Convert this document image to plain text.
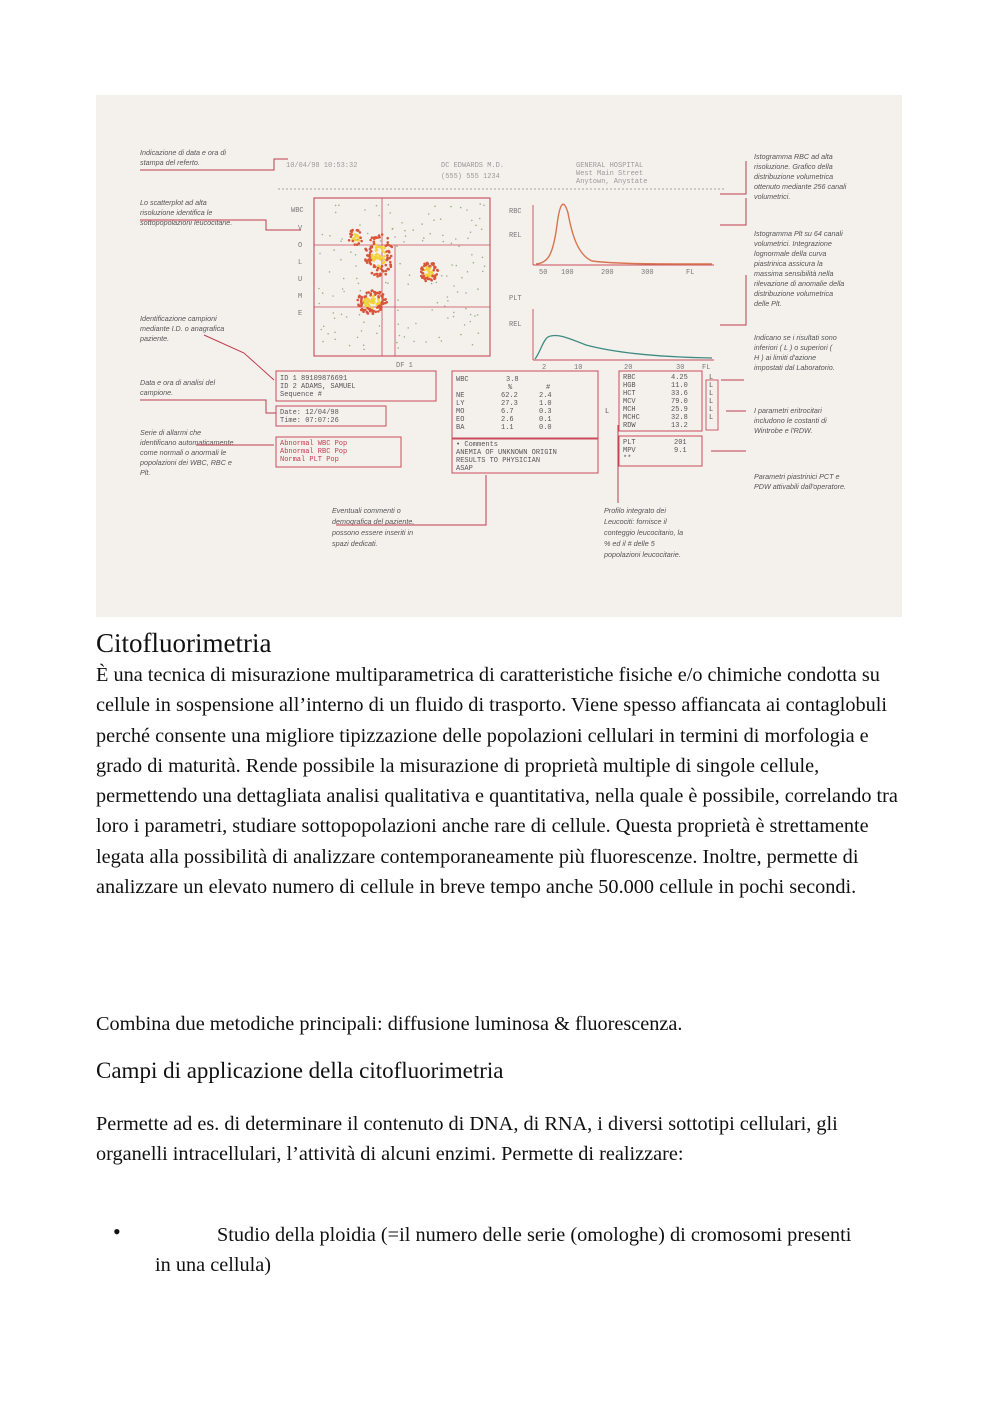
Indicazione di data e ora di stampa del referto.
Lo scatterplot ad alta risoluzione identifica le sottopopolazioni leucocitarie.
Identificazione campioni mediante I.D. o anagrafica paziente.
Data e ora di analisi del campione.
Serie di allarmi che identificano automaticamente come normali o anormali le popolazioni dei WBC, RBC e Plt.
Istogramma RBC ad alta risoluzione. Grafico della distribuzione volumetrica ottenuto mediante 256 canali volumetrici.
Istogramma Plt su 64 canali volumetrici. Integrazione lognormale della curva piastrinica assicura la massima sensibilità nella rilevazione di anomalie della distribuzione volumetrica delle Plt.
Indicano se i risultati sono inferiori ( L ) o superiori ( H ) ai limiti d'azione impostati dal Laboratorio.
I parametri eritrocitari includono le costanti di Wintrobe e l'RDW.
Parametri piastrinici PCT e PDW attivabili dall'operatore.
Eventuali commenti o demografica del paziente, possono essere inseriti in spazi dedicati.
Profilo integrato dei Leucociti: fornisce il conteggio leucocitario, la % ed il # delle 5 popolazioni leucocitarie.
10/04/98 10:53:32	DC EDWARDS M.D.
(555) 555 1234
GENERAL HOSPITAL
West Main Street
Anytown, Anystate
WBC
V
O
L
U
M
E
DF 1
RBC
REL
50 100	200	300	FL
PLT
REL
2	10	20	30	FL
ID 1 89109876691
ID 2 ADAMS, SAMUEL
Sequence #
Date: 12/04/98
Time: 07:07:26
Abnormal WBC Pop
Abnormal RBC Pop
Normal PLT Pop
WBC	3.8
%	#
NE	62.2	2.4
LY	27.3	1.0
MO	6.7	0.3
EO	2.6	0.1
BA	1.1	0.0
L
RBC	4.25	L
HGB	11.0	L
HCT	33.6	L
MCV	79.0	L
MCH	25.9	L
MCHC	32.8	L
RDW	13.2
PLT	201
MPV	9.1
**
• Comments
ANEMIA OF UNKNOWN ORIGIN
RESULTS TO PHYSICIAN
ASAP
Citofluorimetria

È una tecnica di misurazione multiparametrica di caratteristiche fisiche e/o chimiche condotta su cellule in sospensione all’interno di un fluido di trasporto. Viene spesso affiancata ai contaglobuli perché consente una migliore tipizzazione delle popolazioni cellulari in termini di morfologia e grado di maturità. Rende possibile la misurazione di proprietà multiple di singole cellule, permettendo una dettagliata analisi qualitativa e quantitativa, nella quale è possibile, correlando tra loro i parametri, studiare sottopopolazioni anche rare di cellule. Questa proprietà è strettamente legata alla possibilità di analizzare contemporaneamente più fluorescenze. Inoltre, permette di analizzare un elevato numero di cellule in breve tempo anche 50.000 cellule in pochi secondi.

Combina due metodiche principali: diffusione luminosa & fluorescenza.

Campi di applicazione della citofluorimetria

Permette ad es. di determinare il contenuto di DNA, di RNA, i diversi sottotipi cellulari, gli organelli intracellulari, l’attività di alcuni enzimi. Permette di realizzare:

•	Studio della ploidia (=il numero delle serie (omologhe) di cromosomi presenti in una cellula)
